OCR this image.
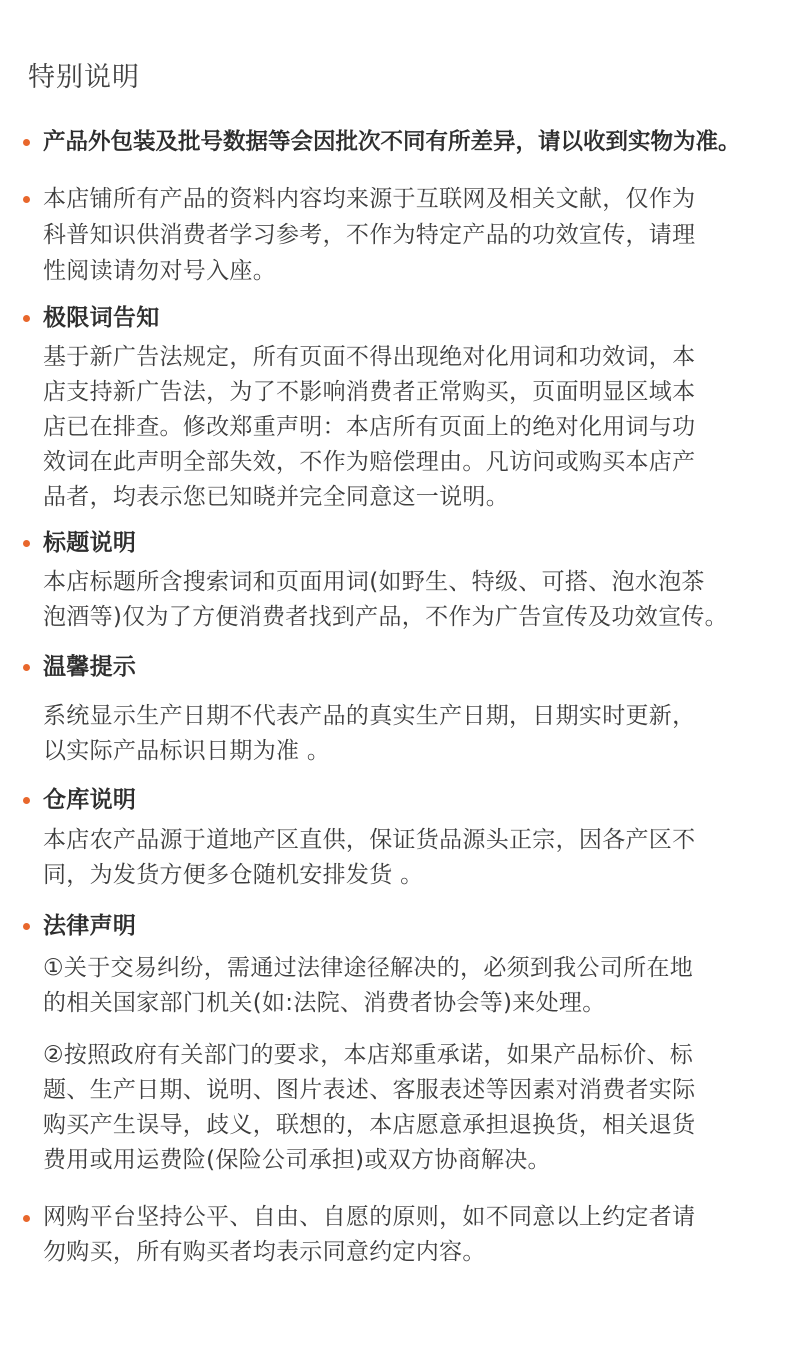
特别说明
产品外包装及批号数据等会因批次不同有所差异，请以收到实物为准。
本店铺所有产品的资料内容均来源于互联网及相关文献，仅作为
科普知识供消费者学习参考，不作为特定产品的功效宣传，请理
性阅读请勿对号入座。
极限词告知
基于新广告法规定，所有页面不得出现绝对化用词和功效词，本
店支持新广告法，为了不影响消费者正常购买，页面明显区域本
店已在排查。修改郑重声明：本店所有页面上的绝对化用词与功
效词在此声明全部失效，不作为赔偿理由。凡访问或购买本店产
品者，均表示您已知晓并完全同意这一说明。
标题说明
本店标题所含搜索词和页面用词(如野生、特级、可搭、泡水泡茶
泡酒等)仅为了方便消费者找到产品，不作为广告宣传及功效宣传。
温馨提示
系统显示生产日期不代表产品的真实生产日期，日期实时更新，
以实际产品标识日期为准 。
仓库说明
本店农产品源于道地产区直供，保证货品源头正宗，因各产区不
同，为发货方便多仓随机安排发货 。
法律声明
①关于交易纠纷，需通过法律途径解决的，必须到我公司所在地
的相关国家部门机关(如:法院、消费者协会等)来处理。
②按照政府有关部门的要求，本店郑重承诺，如果产品标价、标
题、生产日期、说明、图片表述、客服表述等因素对消费者实际
购买产生误导，歧义，联想的，本店愿意承担退换货，相关退货
费用或用运费险(保险公司承担)或双方协商解决。
网购平台坚持公平、自由、自愿的原则，如不同意以上约定者请
勿购买，所有购买者均表示同意约定内容。
